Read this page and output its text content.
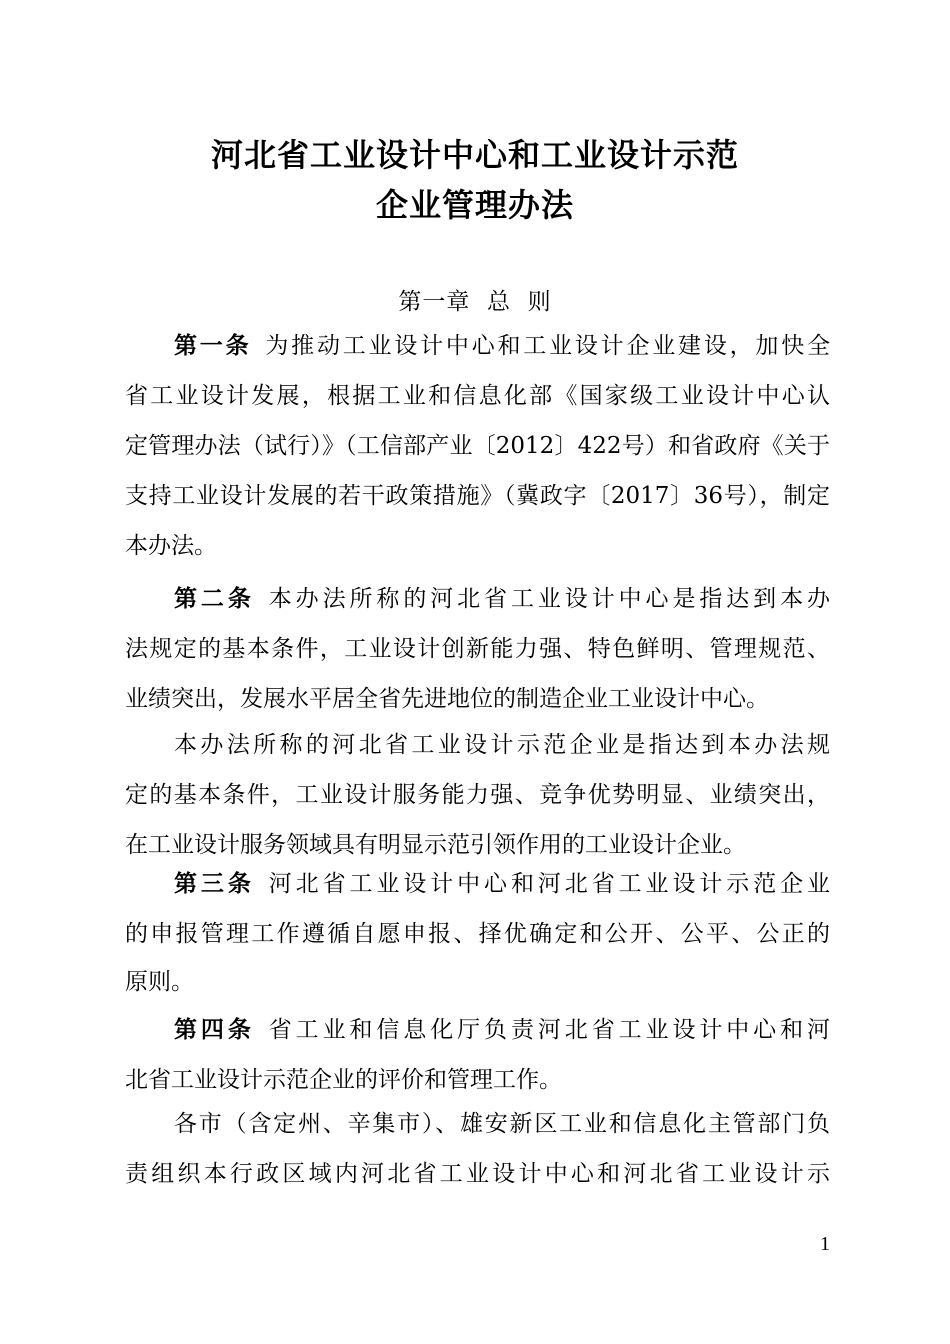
河北省工业设计中心和工业设计示范
企业管理办法
第一章  总  则
第一条 为推动工业设计中心和工业设计企业建设，加快全
省工业设计发展，根据工业和信息化部《国家级工业设计中心认
定管理办法（试行）》（工信部产业〔2012〕422号）和省政府《关于
支持工业设计发展的若干政策措施》（冀政字〔2017〕36号），制定
本办法。
第二条 本办法所称的河北省工业设计中心是指达到本办
法规定的基本条件，工业设计创新能力强、特色鲜明、管理规范、
业绩突出，发展水平居全省先进地位的制造企业工业设计中心。
本办法所称的河北省工业设计示范企业是指达到本办法规
定的基本条件，工业设计服务能力强、竞争优势明显、业绩突出，
在工业设计服务领域具有明显示范引领作用的工业设计企业。
第三条 河北省工业设计中心和河北省工业设计示范企业
的申报管理工作遵循自愿申报、择优确定和公开、公平、公正的
原则。
第四条 省工业和信息化厅负责河北省工业设计中心和河
北省工业设计示范企业的评价和管理工作。
各市（含定州、辛集市）、雄安新区工业和信息化主管部门负
责组织本行政区域内河北省工业设计中心和河北省工业设计示
1
